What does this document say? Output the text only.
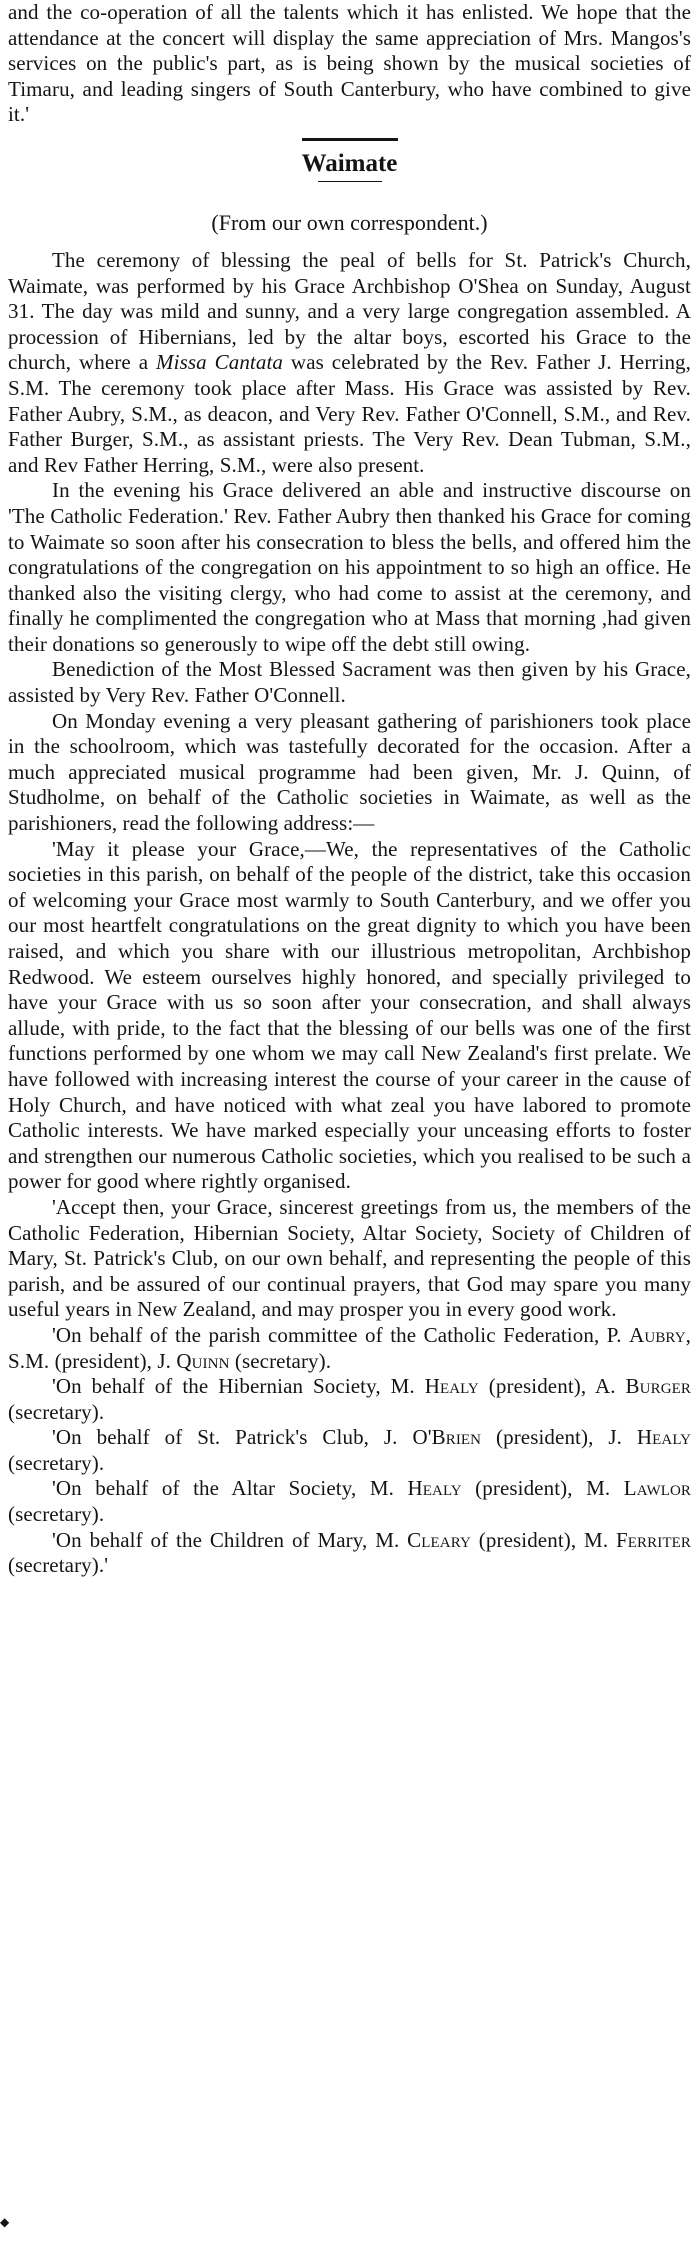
and the co-operation of all the talents which it has enlisted. We hope that the attendance at the concert will display the same appreciation of Mrs. Mangos's services on the public's part, as is being shown by the musical societies of Timaru, and leading singers of South Canterbury, who have combined to give it.'

Waimate

(From our own correspondent.)

The ceremony of blessing the peal of bells for St. Patrick's Church, Waimate, was performed by his Grace Archbishop O'Shea on Sunday, August 31. The day was mild and sunny, and a very large congregation assembled. A procession of Hibernians, led by the altar boys, escorted his Grace to the church, where a Missa Cantata was celebrated by the Rev. Father J. Herring, S.M. The ceremony took place after Mass. His Grace was assisted by Rev. Father Aubry, S.M., as deacon, and Very Rev. Father O'Connell, S.M., and Rev. Father Burger, S.M., as assistant priests. The Very Rev. Dean Tubman, S.M., and Rev Father Herring, S.M., were also present.

In the evening his Grace delivered an able and instructive discourse on 'The Catholic Federation.' Rev. Father Aubry then thanked his Grace for coming to Waimate so soon after his consecration to bless the bells, and offered him the congratulations of the congregation on his appointment to so high an office. He thanked also the visiting clergy, who had come to assist at the ceremony, and finally he complimented the congregation who at Mass that morning ,had given their donations so generously to wipe off the debt still owing.

Benediction of the Most Blessed Sacrament was then given by his Grace, assisted by Very Rev. Father O'Connell.

On Monday evening a very pleasant gathering of parishioners took place in the schoolroom, which was tastefully decorated for the occasion. After a much appreciated musical programme had been given, Mr. J. Quinn, of Studholme, on behalf of the Catholic societies in Waimate, as well as the parishioners, read the following address:—

'May it please your Grace,—We, the representatives of the Catholic societies in this parish, on behalf of the people of the district, take this occasion of welcoming your Grace most warmly to South Canterbury, and we offer you our most heartfelt congratulations on the great dignity to which you have been raised, and which you share with our illustrious metropolitan, Archbishop Redwood. We esteem ourselves highly honored, and specially privileged to have your Grace with us so soon after your consecration, and shall always allude, with pride, to the fact that the blessing of our bells was one of the first functions performed by one whom we may call New Zealand's first prelate. We have followed with increasing interest the course of your career in the cause of Holy Church, and have noticed with what zeal you have labored to promote Catholic interests. We have marked especially your unceasing efforts to foster and strengthen our numerous Catholic societies, which you realised to be such a power for good where rightly organised.

'Accept then, your Grace, sincerest greetings from us, the members of the Catholic Federation, Hibernian Society, Altar Society, Society of Children of Mary, St. Patrick's Club, on our own behalf, and representing the people of this parish, and be assured of our continual prayers, that God may spare you many useful years in New Zealand, and may prosper you in every good work.

'On behalf of the parish committee of the Catholic Federation, P. Aubry, S.M. (president), J. Quinn (secretary).

'On behalf of the Hibernian Society, M. Healy (president), A. Burger (secretary).

'On behalf of St. Patrick's Club, J. O'Brien (president), J. Healy (secretary).

'On behalf of the Altar Society, M. Healy (president), M. Lawlor (secretary).

'On behalf of the Children of Mary, M. Cleary (president), M. Ferriter (secretary).'

◆
